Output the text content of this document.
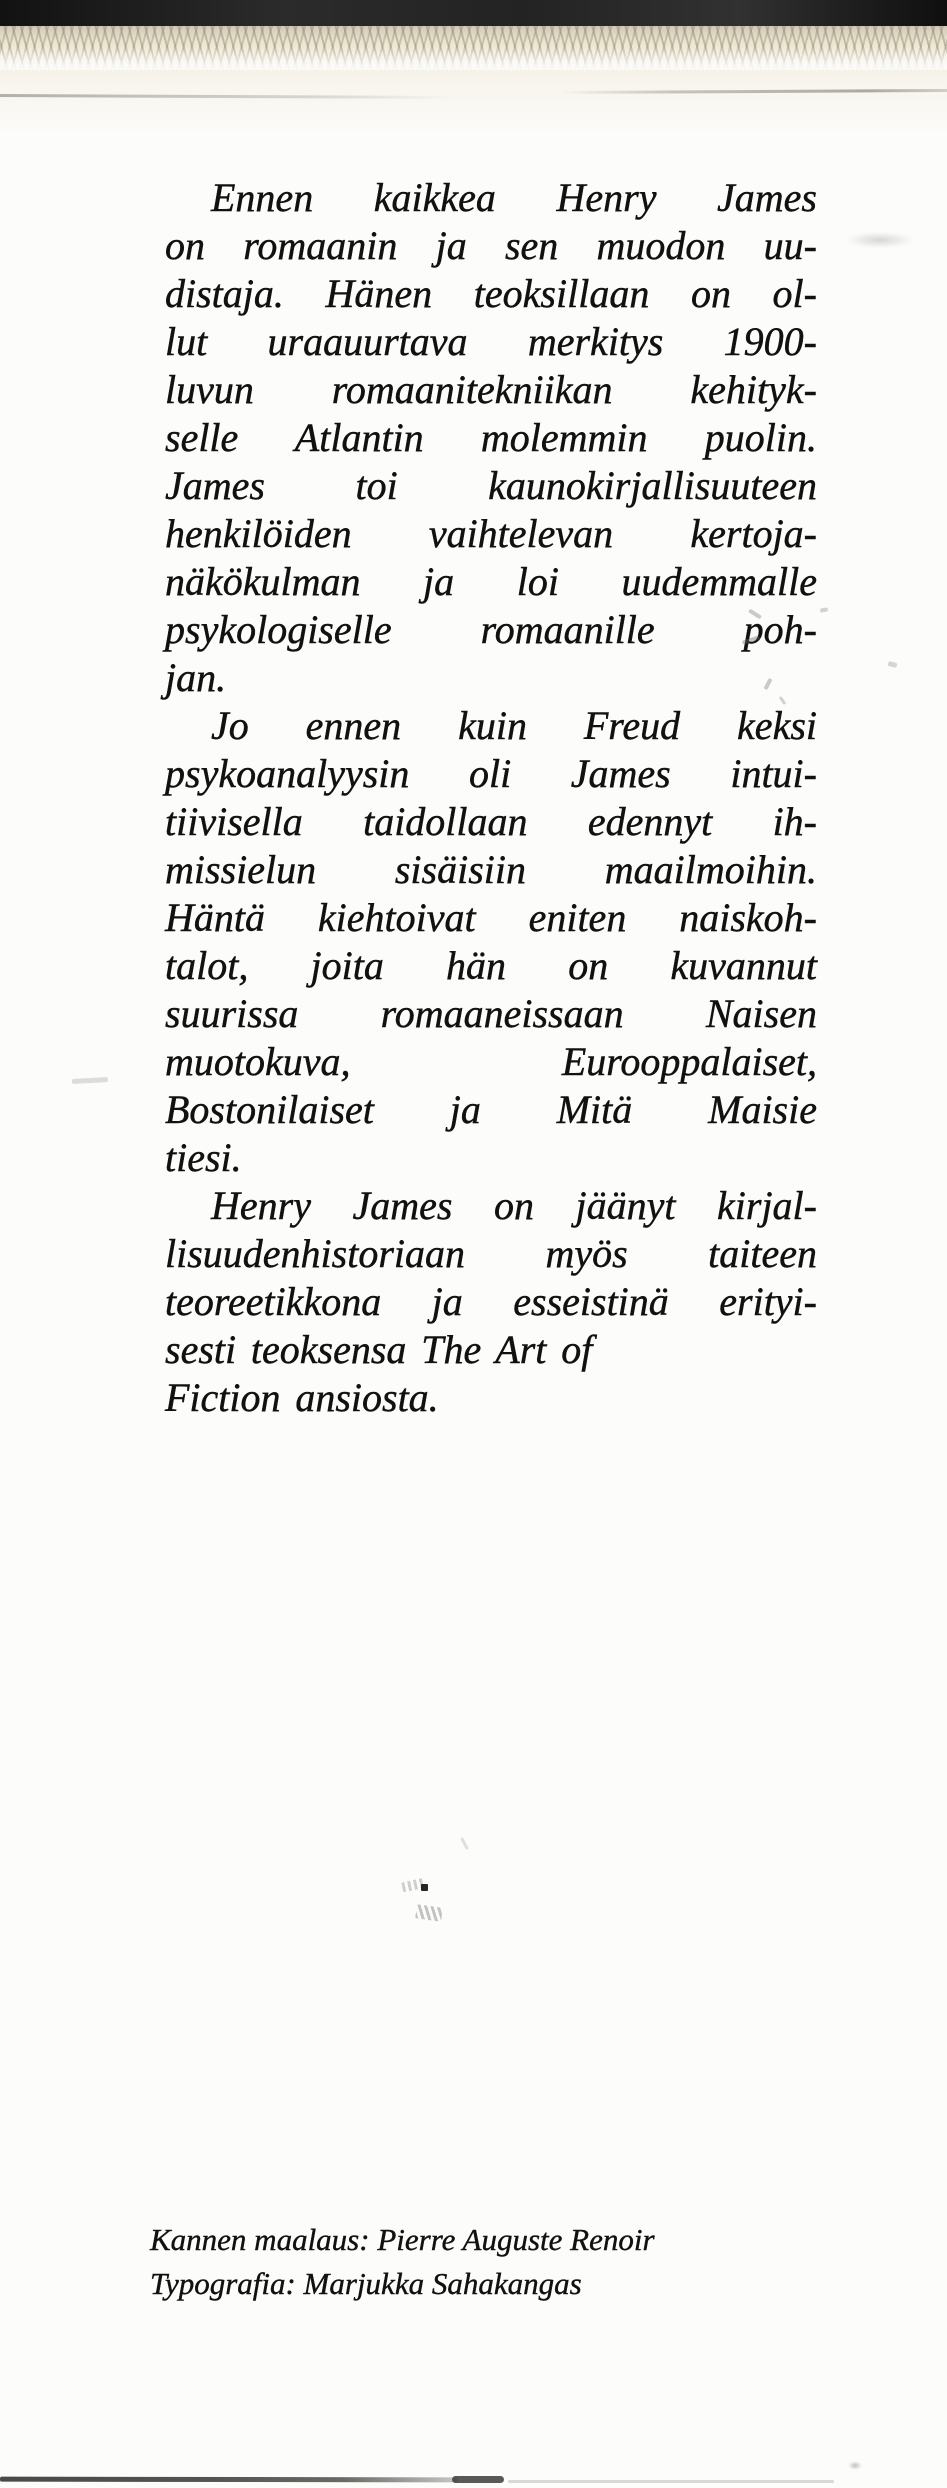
Ennen kaikkea Henry James
on romaanin ja sen muodon uu-
distaja. Hänen teoksillaan on ol-
lut uraauurtava merkitys 1900-
luvun romaanitekniikan kehityk-
selle Atlantin molemmin puolin.
James toi kaunokirjallisuuteen
henkilöiden vaihtelevan kertoja-
näkökulman ja loi uudemmalle
psykologiselle romaanille poh-
jan.
Jo ennen kuin Freud keksi
psykoanalyysin oli James intui-
tiivisella taidollaan edennyt ih-
missielun sisäisiin maailmoihin.
Häntä kiehtoivat eniten naiskoh-
talot, joita hän on kuvannut
suurissa romaaneissaan Naisen
muotokuva, Eurooppalaiset,
Bostonilaiset ja Mitä Maisie
tiesi.
Henry James on jäänyt kirjal-
lisuudenhistoriaan myös taiteen
teoreetikkona ja esseistinä erityi-
sesti teoksensa The Art of
Fiction ansiosta.
Kannen maalaus: Pierre Auguste Renoir
Typografia: Marjukka Sahakangas
